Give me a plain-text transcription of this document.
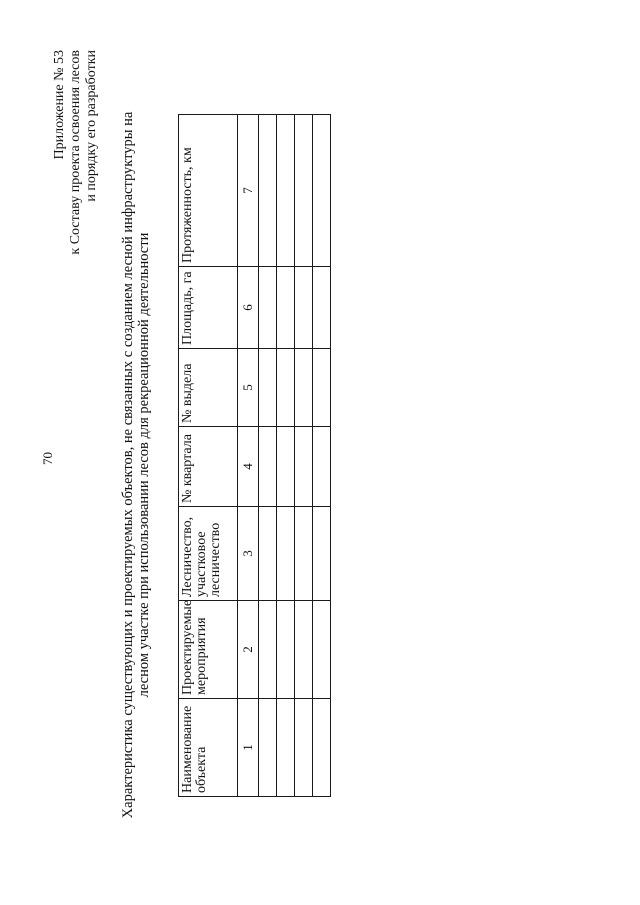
70
Приложение № 53 к Составу проекта освоения лесов и порядку его разработки Характеристика существующих и проектируемых объектов, не связанных с созданием лесной инфраструктуры на лесном участке при использовании лесов для рекреационной деятельности
Наименование объекта	Проектируемые мероприятия	Лесничество, участковое лесничество	№ квартала	№ выдела	Площадь, га	Протяженность, км
1	2	3	4	5	6	7
